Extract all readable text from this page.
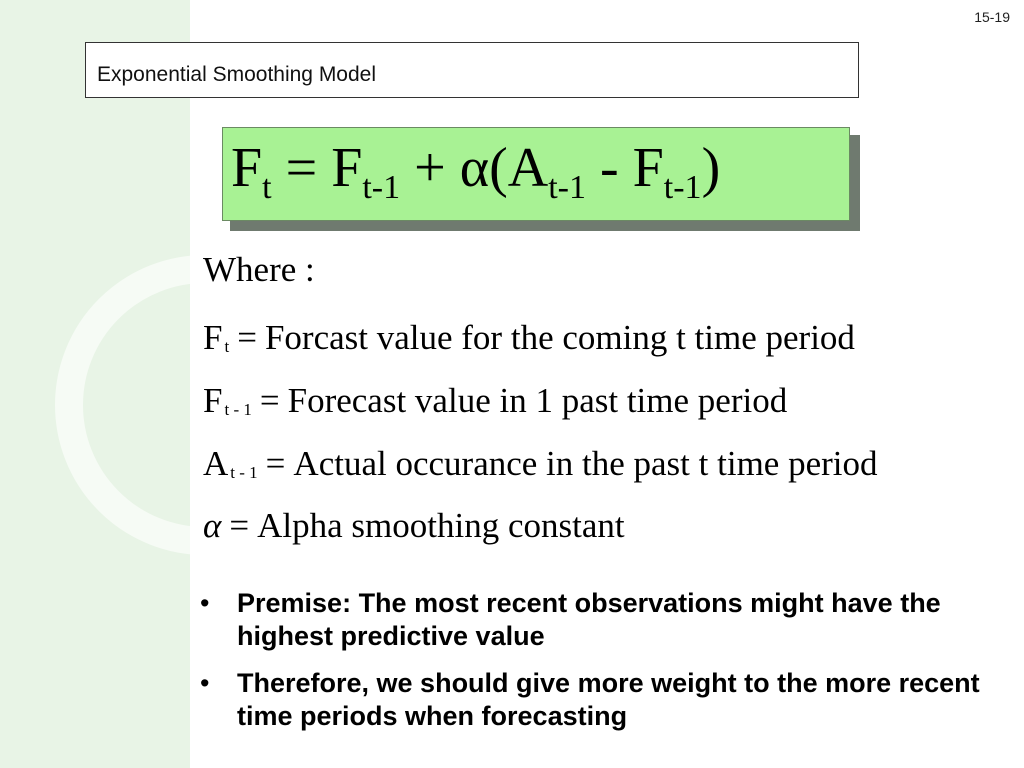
15-19
Exponential Smoothing Model
$F_t = F_{t-1} + \alpha(A_{t-1} - F_{t-1})$
Where :
Ft = Forcast value for the coming t time period
Ft - 1 = Forecast value in 1 past time period
At - 1 = Actual occurance in the past t time period
α = Alpha smoothing constant
• Premise: The most recent observations might have the highest predictive value
• Therefore, we should give more weight to the more recent time periods when forecasting
